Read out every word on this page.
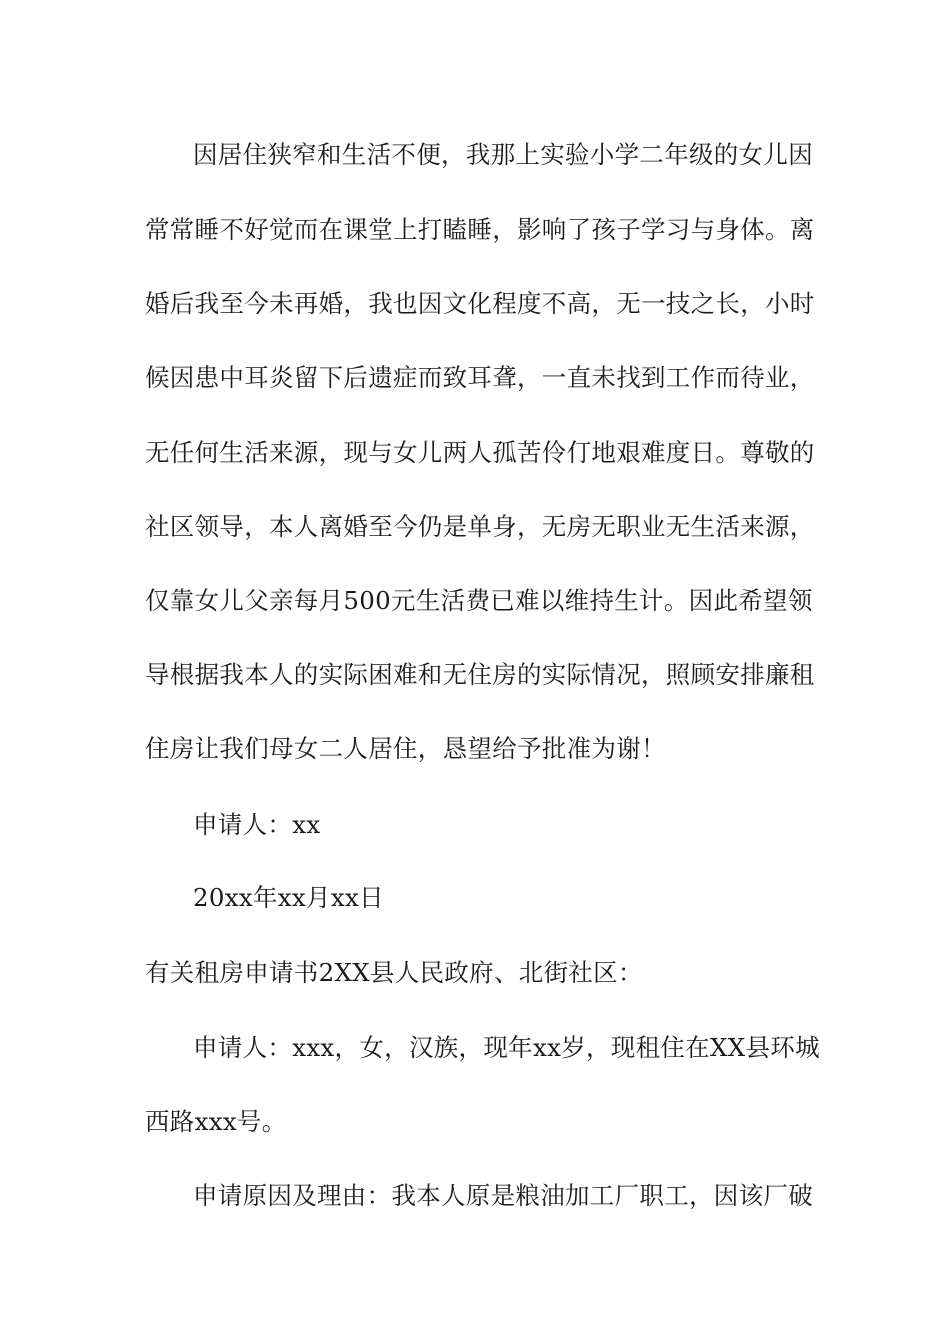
因居住狭窄和生活不便，我那上实验小学二年级的女儿因
常常睡不好觉而在课堂上打瞌睡，影响了孩子学习与身体。离
婚后我至今未再婚，我也因文化程度不高，无一技之长，小时
候因患中耳炎留下后遗症而致耳聋，一直未找到工作而待业，
无任何生活来源，现与女儿两人孤苦伶仃地艰难度日。尊敬的
社区领导，本人离婚至今仍是单身，无房无职业无生活来源，
仅靠女儿父亲每月500元生活费已难以维持生计。因此希望领
导根据我本人的实际困难和无住房的实际情况，照顾安排廉租
住房让我们母女二人居住，恳望给予批准为谢！
申请人：xx
20xx年xx月xx日
有关租房申请书2XX县人民政府、北街社区：
申请人：xxx，女，汉族，现年xx岁，现租住在XX县环城
西路xxx号。
申请原因及理由：我本人原是粮油加工厂职工，因该厂破
